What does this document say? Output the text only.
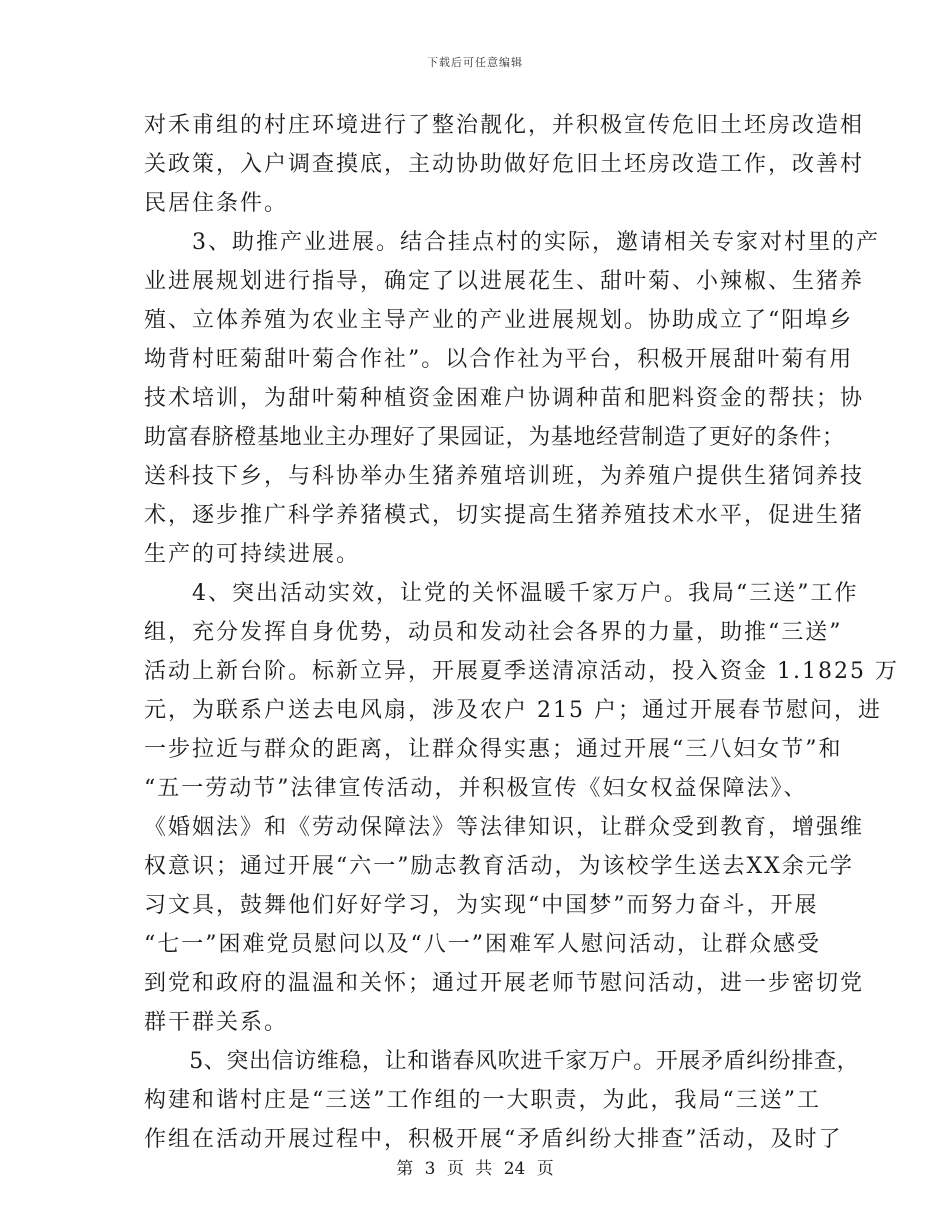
下载后可任意编辑
对禾甫组的村庄环境进行了整治靓化，并积极宣传危旧土坯房改造相
关政策，入户调查摸底，主动协助做好危旧土坯房改造工作，改善村
民居住条件。
　　3、助推产业进展。结合挂点村的实际，邀请相关专家对村里的产
业进展规划进行指导，确定了以进展花生、甜叶菊、小辣椒、生猪养
殖、立体养殖为农业主导产业的产业进展规划。协助成立了“阳埠乡
坳背村旺菊甜叶菊合作社”。以合作社为平台，积极开展甜叶菊有用
技术培训，为甜叶菊种植资金困难户协调种苗和肥料资金的帮扶；协
助富春脐橙基地业主办理好了果园证，为基地经营制造了更好的条件；
送科技下乡，与科协举办生猪养殖培训班，为养殖户提供生猪饲养技
术，逐步推广科学养猪模式，切实提高生猪养殖技术水平，促进生猪
生产的可持续进展。
　　4、突出活动实效，让党的关怀温暖千家万户。我局“三送”工作
组，充分发挥自身优势，动员和发动社会各界的力量，助推“三送”
活动上新台阶。标新立异，开展夏季送清凉活动，投入资金 1.1825 万
元，为联系户送去电风扇，涉及农户 215 户；通过开展春节慰问，进
一步拉近与群众的距离，让群众得实惠；通过开展“三八妇女节”和
“五一劳动节”法律宣传活动，并积极宣传《妇女权益保障法》、
《婚姻法》和《劳动保障法》等法律知识，让群众受到教育，增强维
权意识；通过开展“六一”励志教育活动，为该校学生送去XX余元学
习文具，鼓舞他们好好学习，为实现“中国梦”而努力奋斗，开展
“七一”困难党员慰问以及“八一”困难军人慰问活动，让群众感受
到党和政府的温温和关怀；通过开展老师节慰问活动，进一步密切党
群干群关系。
　　5、突出信访维稳，让和谐春风吹进千家万户。开展矛盾纠纷排查，
构建和谐村庄是“三送”工作组的一大职责，为此，我局“三送”工
作组在活动开展过程中，积极开展“矛盾纠纷大排查”活动，及时了
第 3 页 共 24 页
